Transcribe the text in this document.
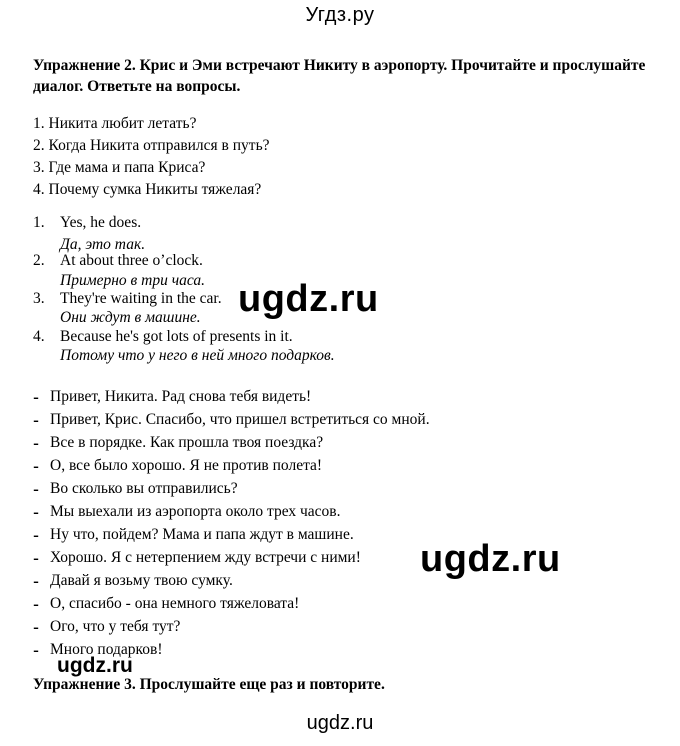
Угдз.ру
Упражнение 2. Крис и Эми встречают Никиту в аэропорту. Прочитайте и прослушайте диалог. Ответьте на вопросы.
1. Никита любит летать?
2. Когда Никита отправился в путь?
3. Где мама и папа Криса?
4. Почему сумка Никиты тяжелая?
1. Yes, he does.
Да, это так.
2. At about three o’clock.
Примерно в три часа.
3. They're waiting in the car.
Они ждут в машине.
4. Because he's got lots of presents in it.
Потому что у него в ней много подарков.
ugdz.ru
- Привет, Никита. Рад снова тебя видеть!
- Привет, Крис. Спасибо, что пришел встретиться со мной.
- Все в порядке. Как прошла твоя поездка?
- О, все было хорошо. Я не против полета!
- Во сколько вы отправились?
- Мы выехали из аэропорта около трех часов.
- Ну что, пойдем? Мама и папа ждут в машине.
- Хорошо. Я с нетерпением жду встречи с ними!
- Давай я возьму твою сумку.
- О, спасибо - она немного тяжеловата!
- Ого, что у тебя тут?
- Много подарков!
ugdz.ru
ugdz.ru
Упражнение 3. Прослушайте еще раз и повторите.
ugdz.ru
